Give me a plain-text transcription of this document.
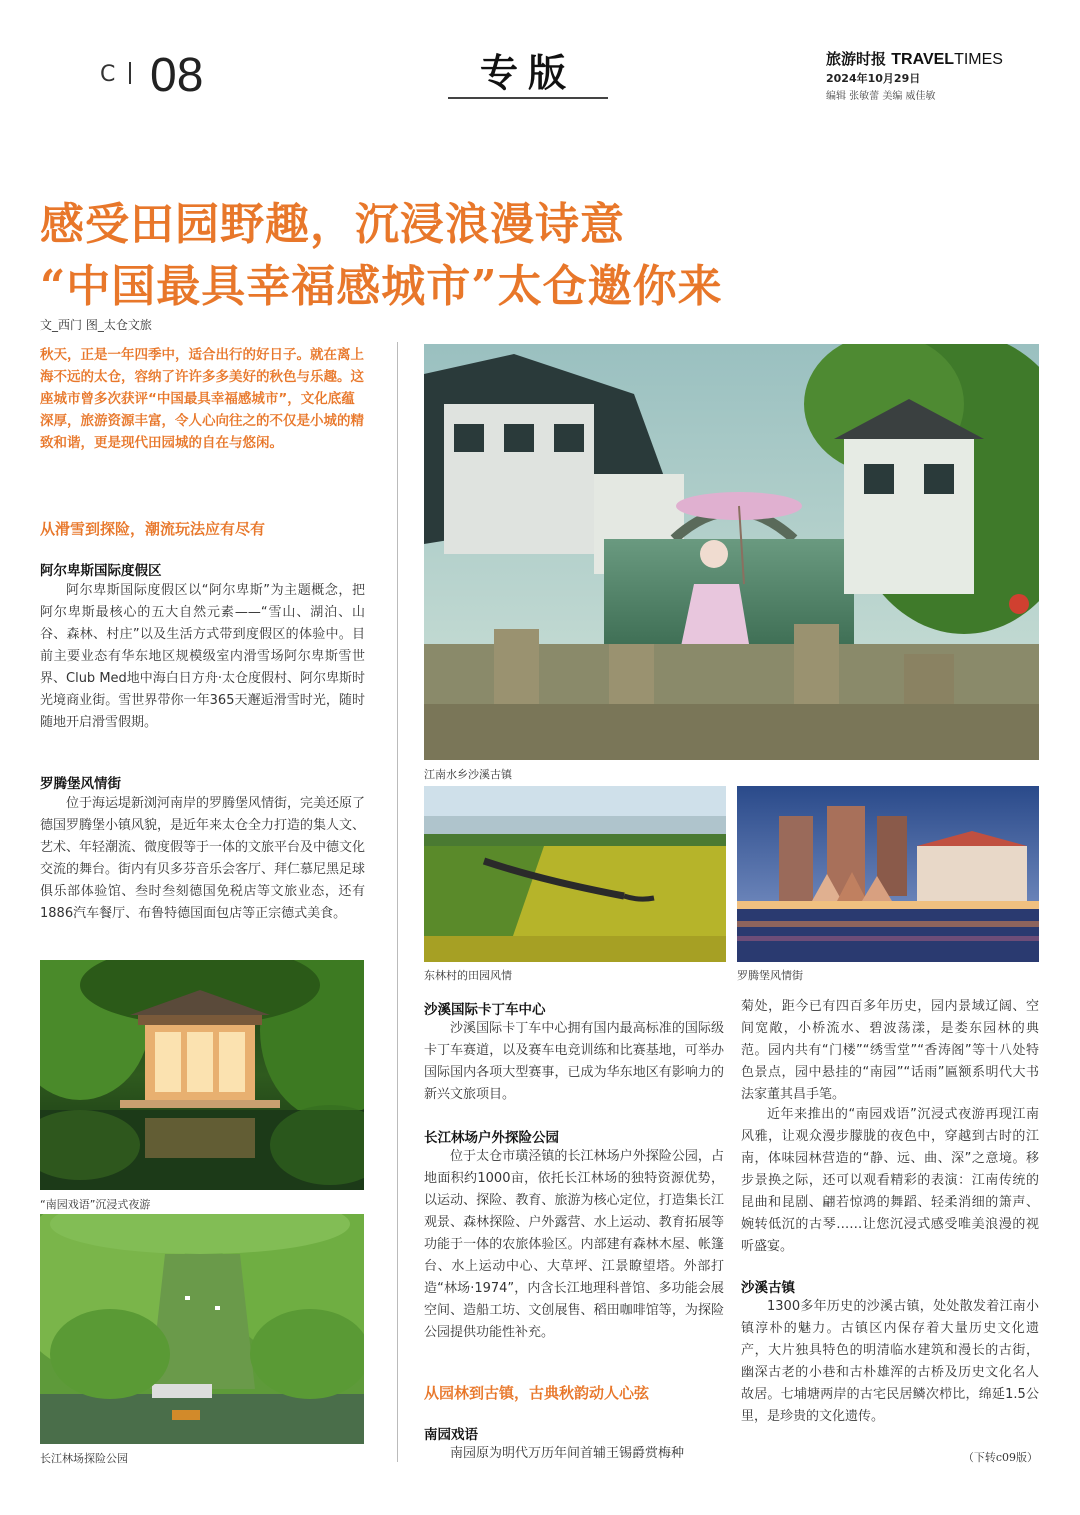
C 08	专版	旅游时报 TRAVELTIMES
2024年10月29日
编辑 张敏蕾 美编 威佳敏
感受田园野趣，沉浸浪漫诗意
“中国最具幸福感城市”太仓邀你来
文_西门 图_太仓文旅
秋天，正是一年四季中，适合出行的好日子。就在离上海不远的太仓，容纳了许许多多美好的秋色与乐趣。这座城市曾多次获评“中国最具幸福感城市”，文化底蕴深厚，旅游资源丰富，令人心向往之的不仅是小城的精致和谐，更是现代田园城的自在与悠闲。
从滑雪到探险，潮流玩法应有尽有
阿尔卑斯国际度假区
阿尔卑斯国际度假区以“阿尔卑斯”为主题概念，把阿尔卑斯最核心的五大自然元素——“雪山、湖泊、山谷、森林、村庄”以及生活方式带到度假区的体验中。目前主要业态有华东地区规模级室内滑雪场阿尔卑斯雪世界、Club Med地中海白日方舟·太仓度假村、阿尔卑斯时光境商业街。雪世界带你一年365天邂逅滑雪时光，随时随地开启滑雪假期。
罗腾堡风情街
位于海运堤新浏河南岸的罗腾堡风情街，完美还原了德国罗腾堡小镇风貌，是近年来太仓全力打造的集人文、艺术、年轻潮流、微度假等于一体的文旅平台及中德文化交流的舞台。街内有贝多芬音乐会客厅、拜仁慕尼黑足球俱乐部体验馆、叁时叁刻德国免税店等文旅业态，还有1886汽车餐厅、布鲁特德国面包店等正宗德式美食。
“南园戏语”沉浸式夜游
长江林场探险公园
江南水乡沙溪古镇
东林村的田园风情	罗腾堡风情街
沙溪国际卡丁车中心
沙溪国际卡丁车中心拥有国内最高标准的国际级卡丁车赛道，以及赛车电竞训练和比赛基地，可举办国际国内各项大型赛事，已成为华东地区有影响力的新兴文旅项目。
长江林场户外探险公园
位于太仓市璜泾镇的长江林场户外探险公园，占地面积约1000亩，依托长江林场的独特资源优势，以运动、探险、教育、旅游为核心定位，打造集长江观景、森林探险、户外露营、水上运动、教育拓展等功能于一体的农旅体验区。内部建有森林木屋、帐篷台、水上运动中心、大草坪、江景瞭望塔。外部打造“林场·1974”，内含长江地理科普馆、多功能会展空间、造船工坊、文创展售、稻田咖啡馆等，为探险公园提供功能性补充。
从园林到古镇，古典秋韵动人心弦
南园戏语
南园原为明代万历年间首辅王锡爵赏梅种
菊处，距今已有四百多年历史，园内景域辽阔、空间宽敞，小桥流水、碧波荡漾，是娄东园林的典范。园内共有“门楼”“绣雪堂”“香涛阁”等十八处特色景点，园中悬挂的“南园”“话雨”匾额系明代大书法家董其昌手笔。
近年来推出的“南园戏语”沉浸式夜游再现江南风雅，让观众漫步朦胧的夜色中，穿越到古时的江南，体味园林营造的“静、远、曲、深”之意境。移步景换之际，还可以观看精彩的表演：江南传统的昆曲和昆剧、翩若惊鸿的舞蹈、轻柔消细的箫声、婉转低沉的古琴……让您沉浸式感受唯美浪漫的视听盛宴。
沙溪古镇
1300多年历史的沙溪古镇，处处散发着江南小镇淳朴的魅力。古镇区内保存着大量历史文化遗产，大片独具特色的明清临水建筑和漫长的古街，幽深古老的小巷和古朴雄浑的古桥及历史文化名人故居。七埔塘两岸的古宅民居鳞次栉比，绵延1.5公里，是珍贵的文化遗传。
（下转c09版）
